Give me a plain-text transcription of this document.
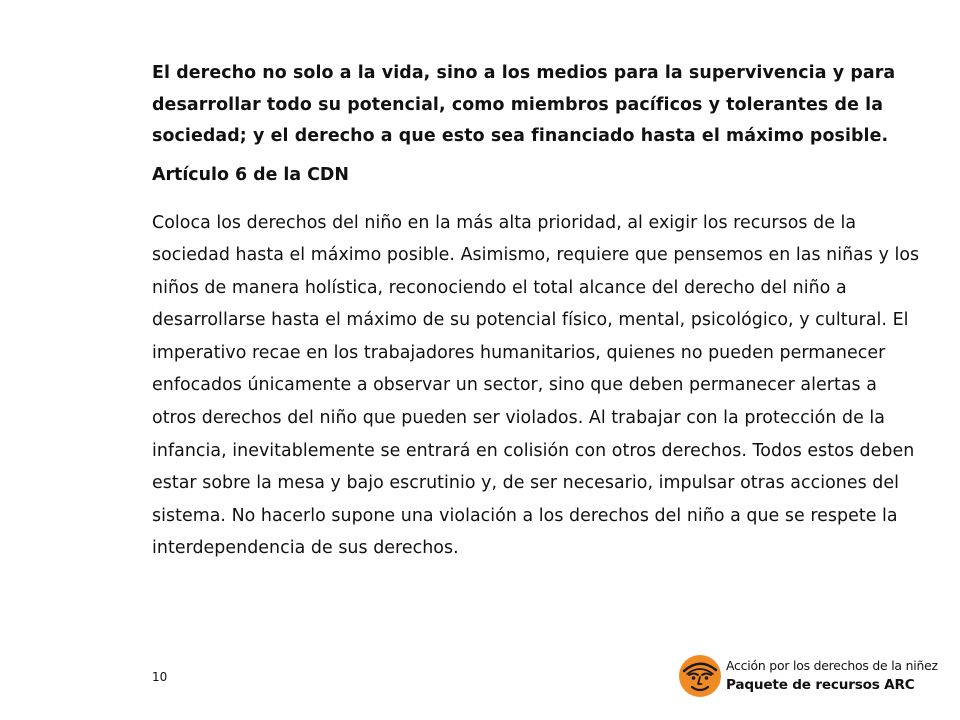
El derecho no solo a la vida, sino a los medios para la supervivencia y para desarrollar todo su potencial, como miembros pacíficos y tolerantes de la sociedad; y el derecho a que esto sea financiado hasta el máximo posible.

Artículo 6 de la CDN

Coloca los derechos del niño en la más alta prioridad, al exigir los recursos de la sociedad hasta el máximo posible. Asimismo, requiere que pensemos en las niñas y los niños de manera holística, reconociendo el total alcance del derecho del niño a desarrollarse hasta el máximo de su potencial físico, mental, psicológico, y cultural. El imperativo recae en los trabajadores humanitarios, quienes no pueden permanecer enfocados únicamente a observar un sector, sino que deben permanecer alertas a otros derechos del niño que pueden ser violados. Al trabajar con la protección de la infancia, inevitablemente se entrará en colisión con otros derechos. Todos estos deben estar sobre la mesa y bajo escrutinio y, de ser necesario, impulsar otras acciones del sistema. No hacerlo supone una violación a los derechos del niño a que se respete la interdependencia de sus derechos.

10
Acción por los derechos de la niñez
Paquete de recursos ARC
